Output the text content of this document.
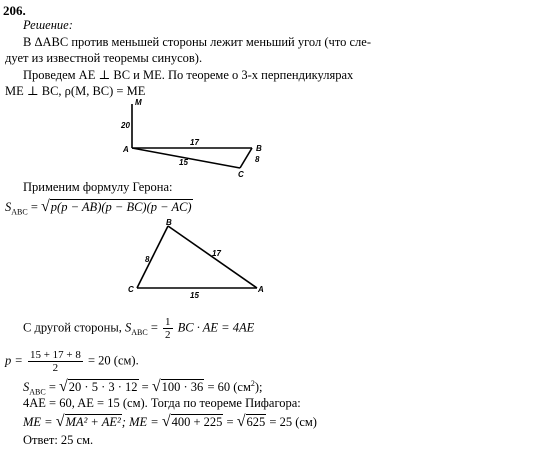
206.
Решение:
В ΔABC против меньшей стороны лежит меньший угол (что сле-
дует из известной теоремы синусов).
Проведем AE ⊥ BC и ME. По теореме о 3-х перпендикулярах
ME ⊥ BC, ρ(M, BC) = ME
M
A	B
C
20
17
15	8
B
C	A
8
17
15
Применим формулу Герона:
$S_{ABC} = √p(p - AB)(p - BC)(p - AC)$
С другой стороны, $S_{ABC} = \frac{1}{2}$ BC · AE = 4AE
$p = \frac{15 + 17 + 8}{2} = 20$ (см).
$S_{ABC} = √20 \cdot 5 \cdot 3 \cdot 12 = √100 \cdot 36 = 60$ $(см^2)$;
4AE = 60, AE = 15 (см). Тогда по теореме Пифагора:
ME = √MA² + AE²; ME = √400 + 225 = √625 = 25 (см)
Ответ: 25 см.
